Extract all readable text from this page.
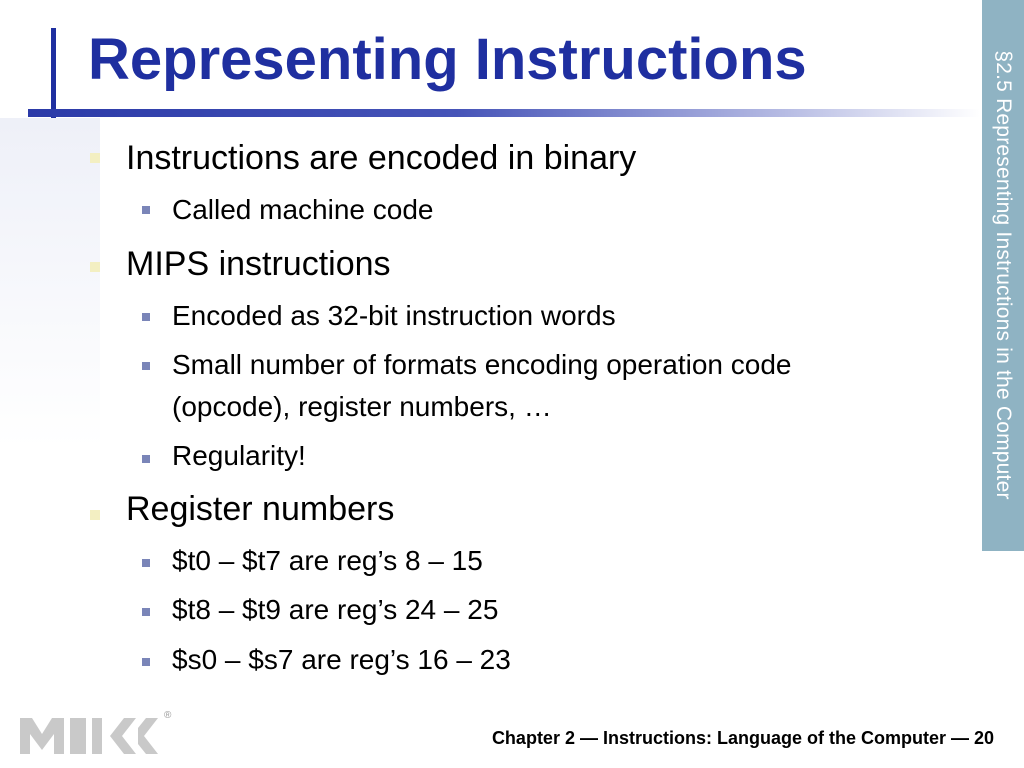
Representing Instructions	§2.5 Representing Instructions in the Computer
Instructions are encoded in binary
Called machine code
MIPS instructions
Encoded as 32-bit instruction words
Small number of formats encoding operation code
(opcode), register numbers, …
Regularity!
Register numbers
$t0 – $t7 are reg’s 8 – 15
$t8 – $t9 are reg’s 24 – 25
$s0 – $s7 are reg’s 16 – 23
®
Chapter 2 — Instructions: Language of the Computer — 20
